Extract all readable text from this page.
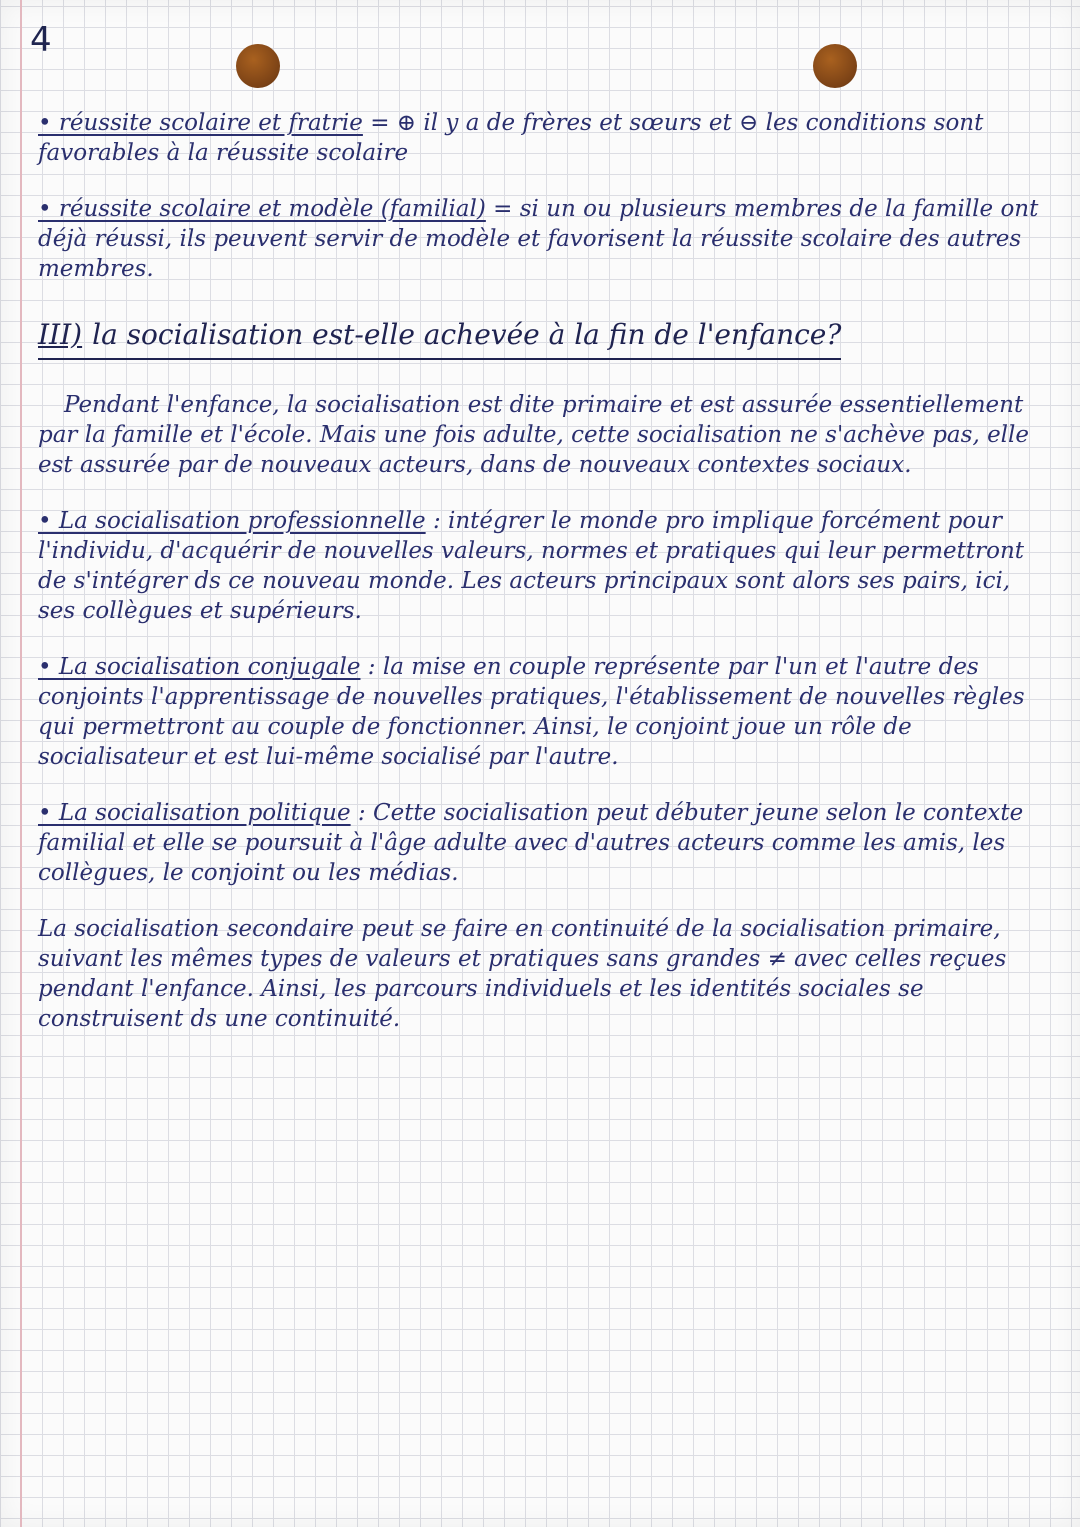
4

• réussite scolaire et fratrie = ⊕ il y a de frères et sœurs et ⊖ les conditions sont favorables à la réussite scolaire

• réussite scolaire et modèle (familial) = si un ou plusieurs membres de la famille ont déjà réussi, ils peuvent servir de modèle et favorisent la réussite scolaire des autres membres.

III) la socialisation est-elle achevée à la fin de l'enfance?

Pendant l'enfance, la socialisation est dite primaire et est assurée essentiellement par la famille et l'école. Mais une fois adulte, cette socialisation ne s'achève pas, elle est assurée par de nouveaux acteurs, dans de nouveaux contextes sociaux.

• La socialisation professionnelle : intégrer le monde pro implique forcément pour l'individu, d'acquérir de nouvelles valeurs, normes et pratiques qui leur permettront de s'intégrer ds ce nouveau monde. Les acteurs principaux sont alors ses pairs, ici, ses collègues et supérieurs.

• La socialisation conjugale : la mise en couple représente par l'un et l'autre des conjoints l'apprentissage de nouvelles pratiques, l'établissement de nouvelles règles qui permettront au couple de fonctionner. Ainsi, le conjoint joue un rôle de socialisateur et est lui-même socialisé par l'autre.

• La socialisation politique : Cette socialisation peut débuter jeune selon le contexte familial et elle se poursuit à l'âge adulte avec d'autres acteurs comme les amis, les collègues, le conjoint ou les médias.

La socialisation secondaire peut se faire en continuité de la socialisation primaire, suivant les mêmes types de valeurs et pratiques sans grandes ≠ avec celles reçues pendant l'enfance. Ainsi, les parcours individuels et les identités sociales se construisent ds une continuité.
